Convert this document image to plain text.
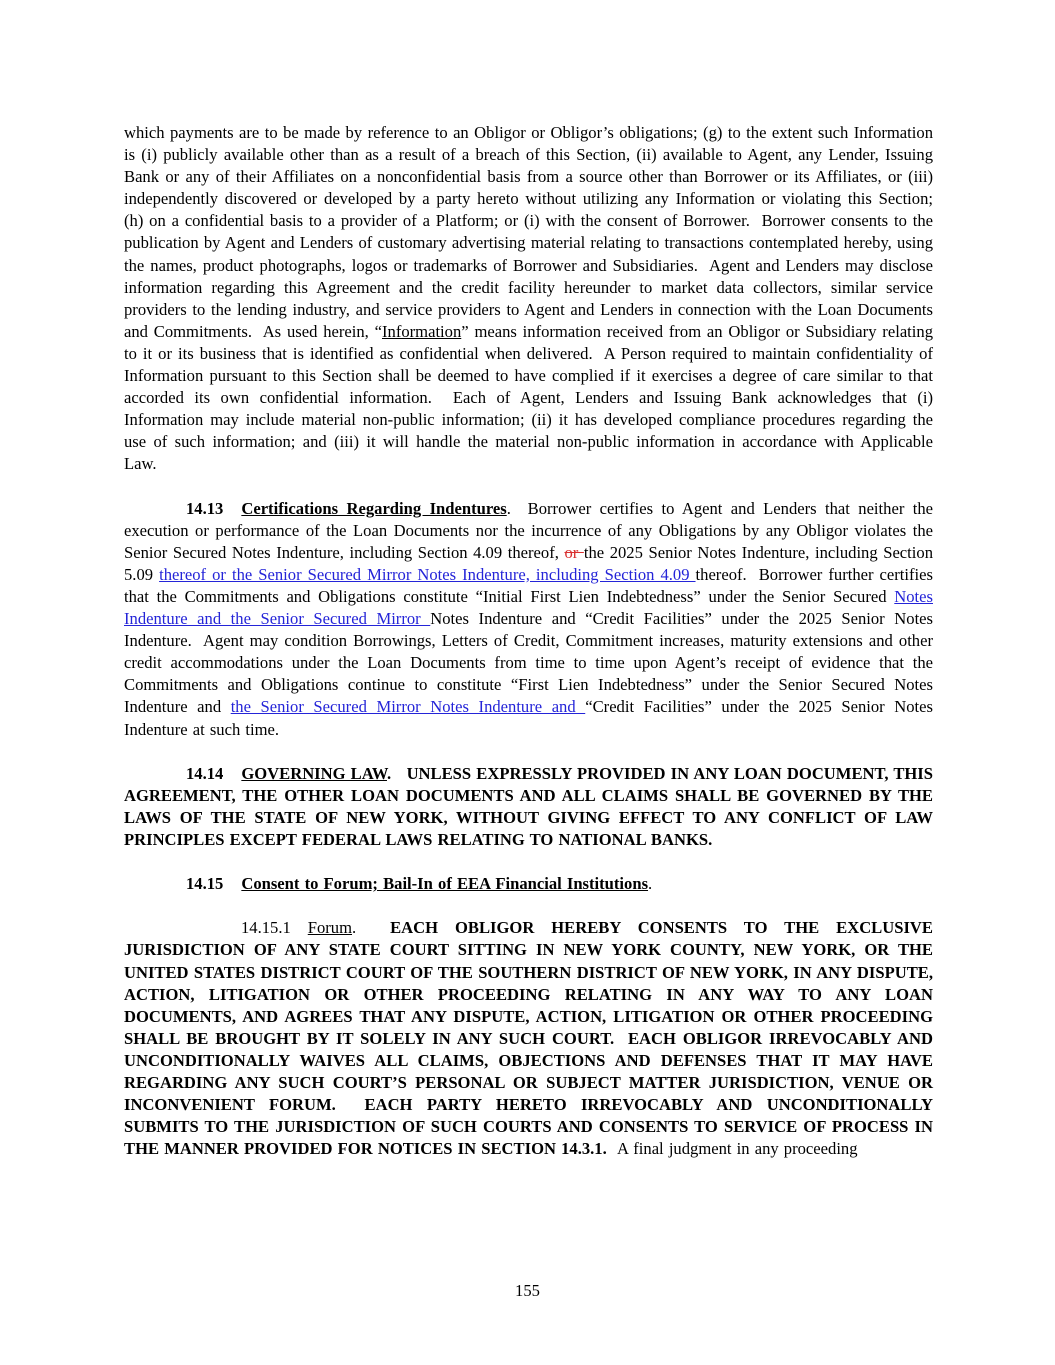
which payments are to be made by reference to an Obligor or Obligor’s obligations; (g) to the extent such Information is (i) publicly available other than as a result of a breach of this Section, (ii) available to Agent, any Lender, Issuing Bank or any of their Affiliates on a nonconfidential basis from a source other than Borrower or its Affiliates, or (iii) independently discovered or developed by a party hereto without utilizing any Information or violating this Section; (h) on a confidential basis to a provider of a Platform; or (i) with the consent of Borrower.  Borrower consents to the publication by Agent and Lenders of customary advertising material relating to transactions contemplated hereby, using the names, product photographs, logos or trademarks of Borrower and Subsidiaries.  Agent and Lenders may disclose information regarding this Agreement and the credit facility hereunder to market data collectors, similar service providers to the lending industry, and service providers to Agent and Lenders in connection with the Loan Documents and Commitments.  As used herein, “Information” means information received from an Obligor or Subsidiary relating to it or its business that is identified as confidential when delivered.  A Person required to maintain confidentiality of Information pursuant to this Section shall be deemed to have complied if it exercises a degree of care similar to that accorded its own confidential information.  Each of Agent, Lenders and Issuing Bank acknowledges that (i) Information may include material non-public information; (ii) it has developed compliance procedures regarding the use of such information; and (iii) it will handle the material non-public information in accordance with Applicable Law.

14.13 Certifications Regarding Indentures.  Borrower certifies to Agent and Lenders that neither the execution or performance of the Loan Documents nor the incurrence of any Obligations by any Obligor violates the Senior Secured Notes Indenture, including Section 4.09 thereof, or the 2025 Senior Notes Indenture, including Section 5.09 thereof or the Senior Secured Mirror Notes Indenture, including Section 4.09 thereof.  Borrower further certifies that the Commitments and Obligations constitute “Initial First Lien Indebtedness” under the Senior Secured Notes Indenture and the Senior Secured Mirror Notes Indenture and “Credit Facilities” under the 2025 Senior Notes Indenture.  Agent may condition Borrowings, Letters of Credit, Commitment increases, maturity extensions and other credit accommodations under the Loan Documents from time to time upon Agent’s receipt of evidence that the Commitments and Obligations continue to constitute “First Lien Indebtedness” under the Senior Secured Notes Indenture and the Senior Secured Mirror Notes Indenture and “Credit Facilities” under the 2025 Senior Notes Indenture at such time.

14.14 GOVERNING LAW.   UNLESS EXPRESSLY PROVIDED IN ANY LOAN DOCUMENT, THIS AGREEMENT, THE OTHER LOAN DOCUMENTS AND ALL CLAIMS SHALL BE GOVERNED BY THE LAWS OF THE STATE OF NEW YORK, WITHOUT GIVING EFFECT TO ANY CONFLICT OF LAW PRINCIPLES EXCEPT FEDERAL LAWS RELATING TO NATIONAL BANKS.

14.15 Consent to Forum; Bail-In of EEA Financial Institutions.

14.15.1 Forum.  EACH OBLIGOR HEREBY CONSENTS TO THE EXCLUSIVE JURISDICTION OF ANY STATE COURT SITTING IN NEW YORK COUNTY, NEW YORK, OR THE UNITED STATES DISTRICT COURT OF THE SOUTHERN DISTRICT OF NEW YORK, IN ANY DISPUTE, ACTION, LITIGATION OR OTHER PROCEEDING RELATING IN ANY WAY TO ANY LOAN DOCUMENTS, AND AGREES THAT ANY DISPUTE, ACTION, LITIGATION OR OTHER PROCEEDING SHALL BE BROUGHT BY IT SOLELY IN ANY SUCH COURT.  EACH OBLIGOR IRREVOCABLY AND UNCONDITIONALLY WAIVES ALL CLAIMS, OBJECTIONS AND DEFENSES THAT IT MAY HAVE REGARDING ANY SUCH COURT’S PERSONAL OR SUBJECT MATTER JURISDICTION, VENUE OR INCONVENIENT FORUM.  EACH PARTY HERETO IRREVOCABLY AND UNCONDITIONALLY SUBMITS TO THE JURISDICTION OF SUCH COURTS AND CONSENTS TO SERVICE OF PROCESS IN THE MANNER PROVIDED FOR NOTICES IN SECTION 14.3.1.  A final judgment in any proceeding

155
